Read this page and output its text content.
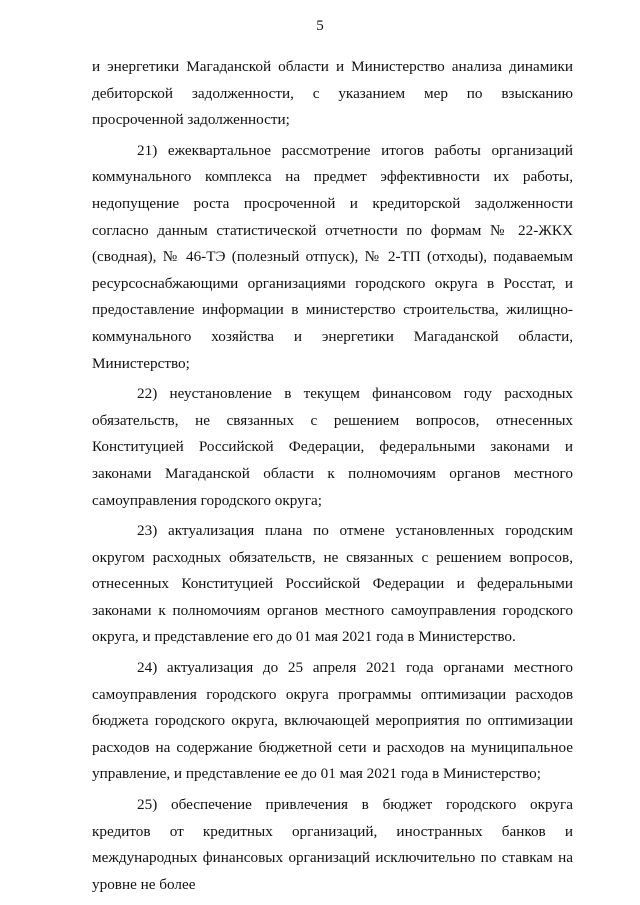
5

и энергетики Магаданской области и Министерство анализа динамики дебиторской задолженности, с указанием мер по взысканию просроченной задолженности;

21) ежеквартальное рассмотрение итогов работы организаций коммунального комплекса на предмет эффективности их работы, недопущение роста просроченной и кредиторской задолженности согласно данным статистической отчетности по формам № 22-ЖКХ (сводная), № 46-ТЭ (полезный отпуск), № 2-ТП (отходы), подаваемым ресурсоснабжающими организациями городского округа в Росстат, и предоставление информации в министерство строительства, жилищно-коммунального хозяйства и энергетики Магаданской области, Министерство;

22) неустановление в текущем финансовом году расходных обязательств, не связанных с решением вопросов, отнесенных Конституцией Российской Федерации, федеральными законами и законами Магаданской области к полномочиям органов местного самоуправления городского округа;

23) актуализация плана по отмене установленных городским округом расходных обязательств, не связанных с решением вопросов, отнесенных Конституцией Российской Федерации и федеральными законами к полномочиям органов местного самоуправления городского округа, и представление его до 01 мая 2021 года в Министерство.

24) актуализация до 25 апреля 2021 года органами местного самоуправления городского округа программы оптимизации расходов бюджета городского округа, включающей мероприятия по оптимизации расходов на содержание бюджетной сети и расходов на муниципальное управление, и представление ее до 01 мая 2021 года в Министерство;

25) обеспечение привлечения в бюджет городского округа кредитов от кредитных организаций, иностранных банков и международных финансовых организаций исключительно по ставкам на уровне не более
